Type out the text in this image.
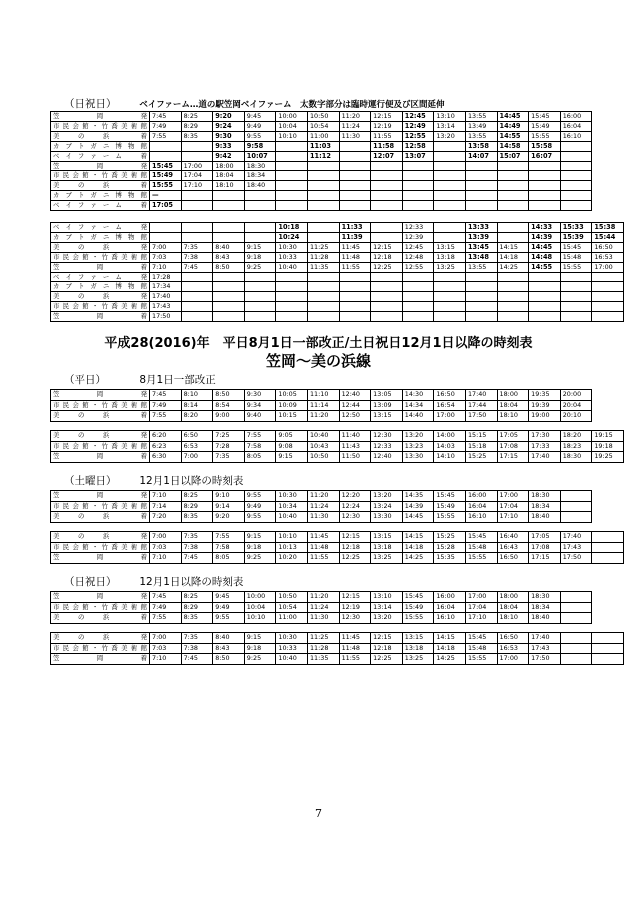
（日祝日）	ベイファーム…道の駅笠岡ベイファーム　太数字部分は臨時運行便及び区間延伸
笠　　岡　　発	7:45	8:25	9:20	9:45	10:00	10:50	11:20	12:15	12:45	13:10	13:55	14:45	15:45	16:00
市民会館・竹喬美術館	7:49	8:29	9:24	9:49	10:04	10:54	11:24	12:19	12:49	13:14	13:49	14:49	15:49	16:04
美　の　浜　　着	7:55	8:35	9:30	9:55	10:10	11:00	11:30	11:55	12:55	13:20	13:55	14:55	15:55	16:10
カブトガニ博物館			9:33	9:58		11:03		11:58	12:58		13:58	14:58	15:58	
ベイファーム　着			9:42	10:07		11:12		12:07	13:07		14:07	15:07	16:07	
笠　　岡　　発	15:45	17:00	18:00	18:30										
市民会館・竹喬美術館	15:49	17:04	18:04	18:34										
美　の　浜　　着	15:55	17:10	18:10	18:40										
カブトガニ博物館	—													
ベイファーム　着	17:05													
ベイファーム　発					10:18		11:33		12:33		13:33		14:33	15:33	15:38
カブトガニ博物館					10:24		11:39		12:39		13:39		14:39	15:39	15:44
美　の　浜　　発	7:00	7:35	8:40	9:15	10:30	11:25	11:45	12:15	12:45	13:15	13:45	14:15	14:45	15:45	16:50
市民会館・竹喬美術館	7:03	7:38	8:43	9:18	10:33	11:28	11:48	12:18	12:48	13:18	13:48	14:18	14:48	15:48	16:53
笠　　岡　　着	7:10	7:45	8:50	9:25	10:40	11:35	11:55	12:25	12:55	13:25	13:55	14:25	14:55	15:55	17:00
ベイファーム　発	17:28														
カブトガニ博物館	17:34														
美　の　浜　　発	17:40														
市民会館・竹喬美術館	17:43														
笠　　岡　　着	17:50														
平成28(2016)年　平日8月1日一部改正/土日祝日12月1日以降の時刻表
笠岡～美の浜線
（平日）	8月1日一部改正
笠　　岡　　発	7:45	8:10	8:50	9:30	10:05	11:10	12:40	13:05	14:30	16:50	17:40	18:00	19:35	20:00
市民会館・竹喬美術館	7:49	8:14	8:54	9:34	10:09	11:14	12:44	13:09	14:34	16:54	17:44	18:04	19:39	20:04
美　の　浜　　着	7:55	8:20	9:00	9:40	10:15	11:20	12:50	13:15	14:40	17:00	17:50	18:10	19:00	20:10
美　の　浜　　発	6:20	6:50	7:25	7:55	9:05	10:40	11:40	12:30	13:20	14:00	15:15	17:05	17:30	18:20	19:15
市民会館・竹喬美術館	6:23	6:53	7:28	7:58	9:08	10:43	11:43	12:33	13:23	14:03	15:18	17:08	17:33	18:23	19:18
笠　　岡　　着	6:30	7:00	7:35	8:05	9:15	10:50	11:50	12:40	13:30	14:10	15:25	17:15	17:40	18:30	19:25
（土曜日） 12月1日以降の時刻表
笠　　岡　　発	7:10	8:25	9:10	9:55	10:30	11:20	12:20	13:20	14:35	15:45	16:00	17:00	18:30	
市民会館・竹喬美術館	7:14	8:29	9:14	9:49	10:34	11:24	12:24	13:24	14:39	15:49	16:04	17:04	18:34	
美　の　浜　　着	7:20	8:35	9:20	9:55	10:40	11:30	12:30	13:30	14:45	15:55	16:10	17:10	18:40	
美　の　浜　　発	7:00	7:35	7:55	9:15	10:10	11:45	12:15	13:15	14:15	15:25	15:45	16:40	17:05	17:40	
市民会館・竹喬美術館	7:03	7:38	7:58	9:18	10:13	11:48	12:18	13:18	14:18	15:28	15:48	16:43	17:08	17:43	
笠　　岡　　着	7:10	7:45	8:05	9:25	10:20	11:55	12:25	13:25	14:25	15:35	15:55	16:50	17:15	17:50	
（日祝日） 12月1日以降の時刻表
笠　　岡　　発	7:45	8:25	9:45	10:00	10:50	11:20	12:15	13:10	15:45	16:00	17:00	18:00	18:30	
市民会館・竹喬美術館	7:49	8:29	9:49	10:04	10:54	11:24	12:19	13:14	15:49	16:04	17:04	18:04	18:34	
美　の　浜　　着	7:55	8:35	9:55	10:10	11:00	11:30	12:30	13:20	15:55	16:10	17:10	18:10	18:40	
美　の　浜　　発	7:00	7:35	8:40	9:15	10:30	11:25	11:45	12:15	13:15	14:15	15:45	16:50	17:40		
市民会館・竹喬美術館	7:03	7:38	8:43	9:18	10:33	11:28	11:48	12:18	13:18	14:18	15:48	16:53	17:43		
笠　　岡　　着	7:10	7:45	8:50	9:25	10:40	11:35	11:55	12:25	13:25	14:25	15:55	17:00	17:50		
7
